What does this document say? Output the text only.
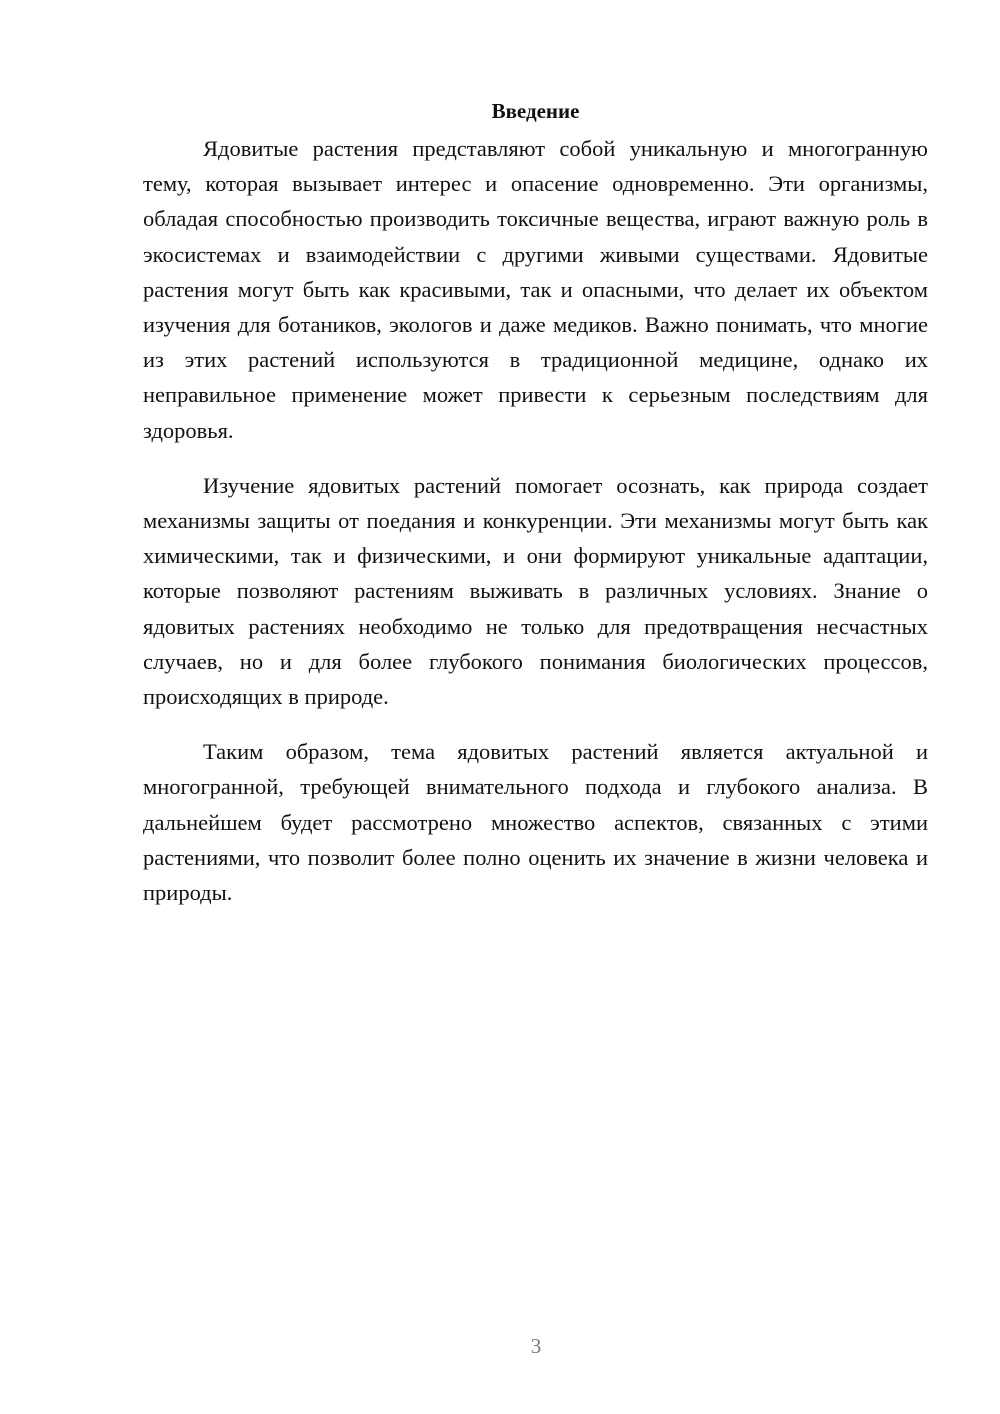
Введение

Ядовитые растения представляют собой уникальную и многогранную тему, которая вызывает интерес и опасение одновременно. Эти организмы, обладая способностью производить токсичные вещества, играют важную роль в экосистемах и взаимодействии с другими живыми существами. Ядовитые растения могут быть как красивыми, так и опасными, что делает их объектом изучения для ботаников, экологов и даже медиков. Важно понимать, что многие из этих растений используются в традиционной медицине, однако их неправильное применение может привести к серьезным последствиям для здоровья.

Изучение ядовитых растений помогает осознать, как природа создает механизмы защиты от поедания и конкуренции. Эти механизмы могут быть как химическими, так и физическими, и они формируют уникальные адаптации, которые позволяют растениям выживать в различных условиях. Знание о ядовитых растениях необходимо не только для предотвращения несчастных случаев, но и для более глубокого понимания биологических процессов, происходящих в природе.

Таким образом, тема ядовитых растений является актуальной и многогранной, требующей внимательного подхода и глубокого анализа. В дальнейшем будет рассмотрено множество аспектов, связанных с этими растениями, что позволит более полно оценить их значение в жизни человека и природы.

3
